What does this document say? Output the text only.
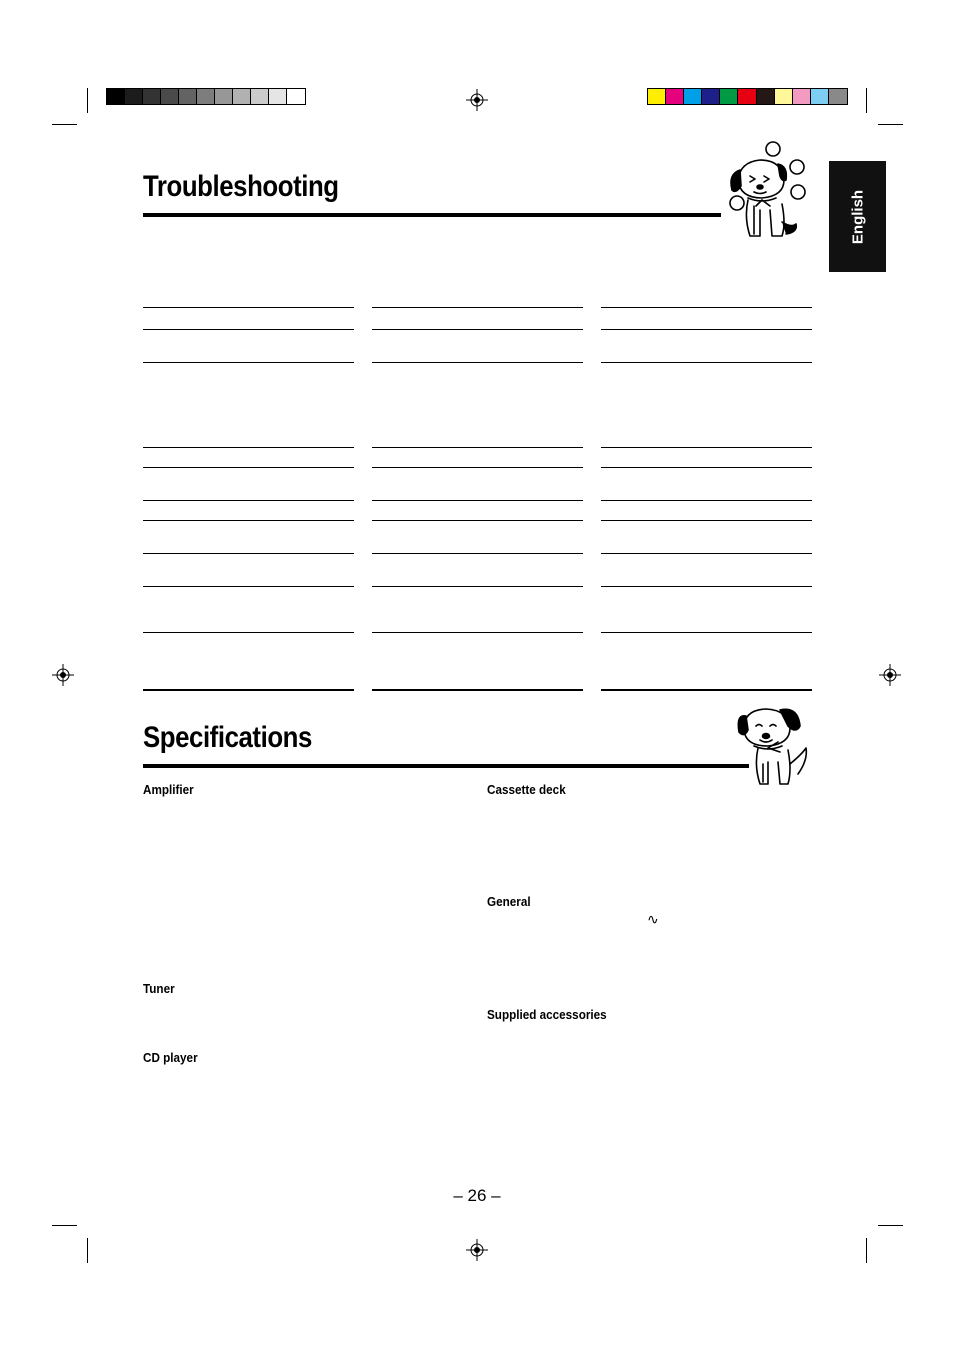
Troubleshooting
English
Specifications
Amplifier
Tuner
CD player
Cassette deck
General
∿
Supplied accessories
– 26 –
